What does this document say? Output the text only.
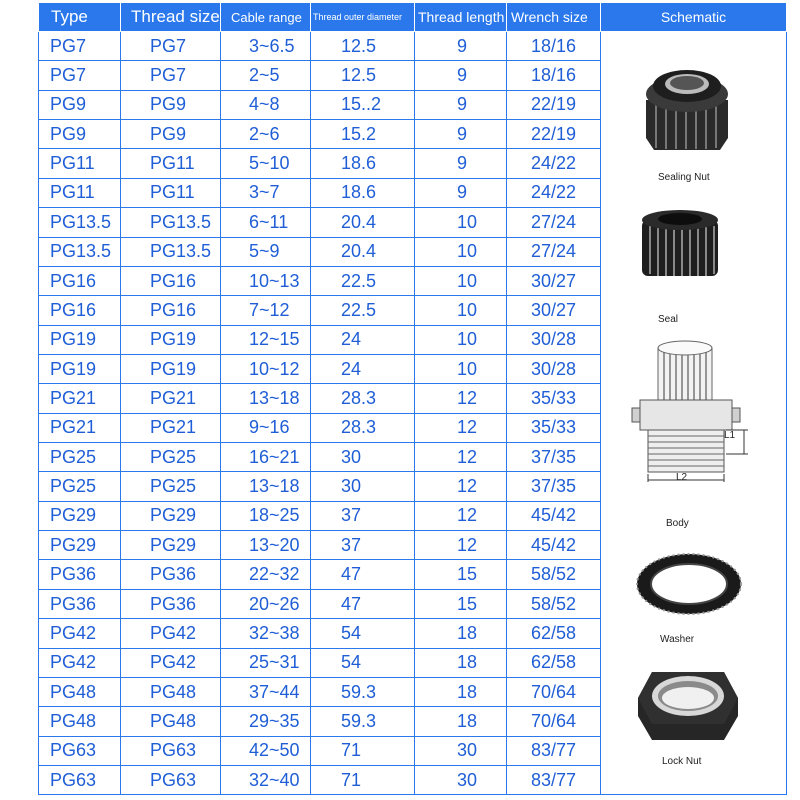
Type	Thread size	Cable range	Thread outer diameter	Thread length	Wrench size	Schematic
PG7	PG7	3~6.5	12.5	9	18/16	
PG7	PG7	2~5	12.5	9	18/16	
PG9	PG9	4~8	15..2	9	22/19	
PG9	PG9	2~6	15.2	9	22/19	
PG11	PG11	5~10	18.6	9	24/22	
PG11	PG11	3~7	18.6	9	24/22	
PG13.5	PG13.5	6~11	20.4	10	27/24	
PG13.5	PG13.5	5~9	20.4	10	27/24	
PG16	PG16	10~13	22.5	10	30/27	
PG16	PG16	7~12	22.5	10	30/27	
PG19	PG19	12~15	24	10	30/28	
PG19	PG19	10~12	24	10	30/28	
PG21	PG21	13~18	28.3	12	35/33	
PG21	PG21	9~16	28.3	12	35/33	
PG25	PG25	16~21	30	12	37/35	
PG25	PG25	13~18	30	12	37/35	
PG29	PG29	18~25	37	12	45/42	
PG29	PG29	13~20	37	12	45/42	
PG36	PG36	22~32	47	15	58/52	
PG36	PG36	20~26	47	15	58/52	
PG42	PG42	32~38	54	18	62/58	
PG42	PG42	25~31	54	18	62/58	
PG48	PG48	37~44	59.3	18	70/64	
PG48	PG48	29~35	59.3	18	70/64	
PG63	PG63	42~50	71	30	83/77	
PG63	PG63	32~40	71	30	83/77	
Sealing Nut
Seal
L1
L2
Body
Washer
Lock Nut
